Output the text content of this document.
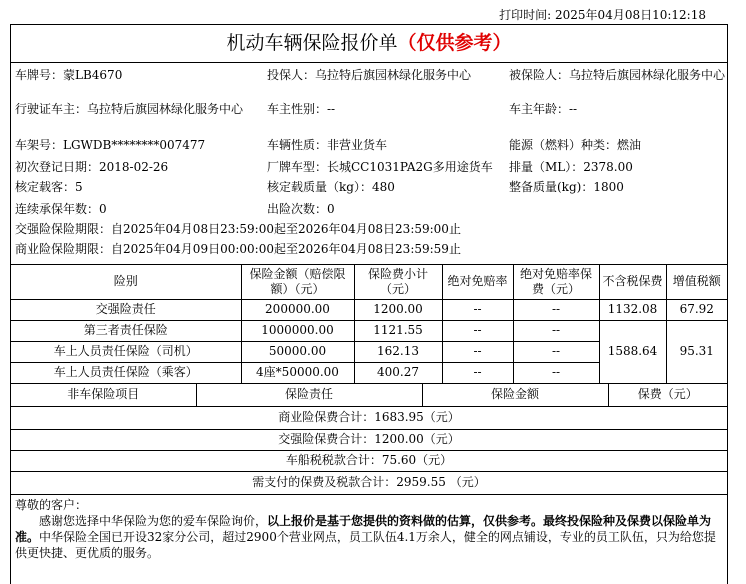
打印时间: 2025年04月08日10:12:18
机动车辆保险报价单（仅供参考）
车牌号：蒙LB4670	投保人：乌拉特后旗园林绿化服务中心	被保险人：乌拉特后旗园林绿化服务中心
行驶证车主：乌拉特后旗园林绿化服务中心	车主性别：--	车主年龄：--
车架号：LGWDB********007477	车辆性质：非营业货车	能源（燃料）种类：燃油
初次登记日期：2018-02-26	厂牌车型：长城CC1031PA2G多用途货车	排量（ML）：2378.00
核定载客：5	核定载质量（kg）：480	整备质量(kg)：1800
连续承保年数：0	出险次数：0
交强险保险期限：自2025年04月08日23:59:00起至2026年04月08日23:59:00止
商业险保险期限：自2025年04月09日00:00:00起至2026年04月08日23:59:59止
险别	保险金额（赔偿限额）（元）	保险费小计（元）	绝对免赔率	绝对免赔率保费（元）	不含税保费	增值税额
交强险责任	200000.00	1200.00	--	--	1132.08	67.92
第三者责任保险	1000000.00	1121.55	--	--	1588.64	95.31
车上人员责任保险（司机）	50000.00	162.13	--	--		
车上人员责任保险（乘客）	4座*50000.00	400.27	--	--		
非车保险项目	保险责任	保险金额	保费（元）
商业险保费合计：1683.95（元）
交强险保费合计：1200.00（元）
车船税税款合计：75.60（元）
需支付的保费及税款合计：2959.55 （元）
尊敬的客户：
感谢您选择中华保险为您的爱车保险询价，以上报价是基于您提供的资料做的估算，仅供参考。最终投保险种及保费以保险单为准。中华保险全国已开设32家分公司，超过2900个营业网点，员工队伍4.1万余人，健全的网点铺设，专业的员工队伍，只为给您提供更快捷、更优质的服务。
